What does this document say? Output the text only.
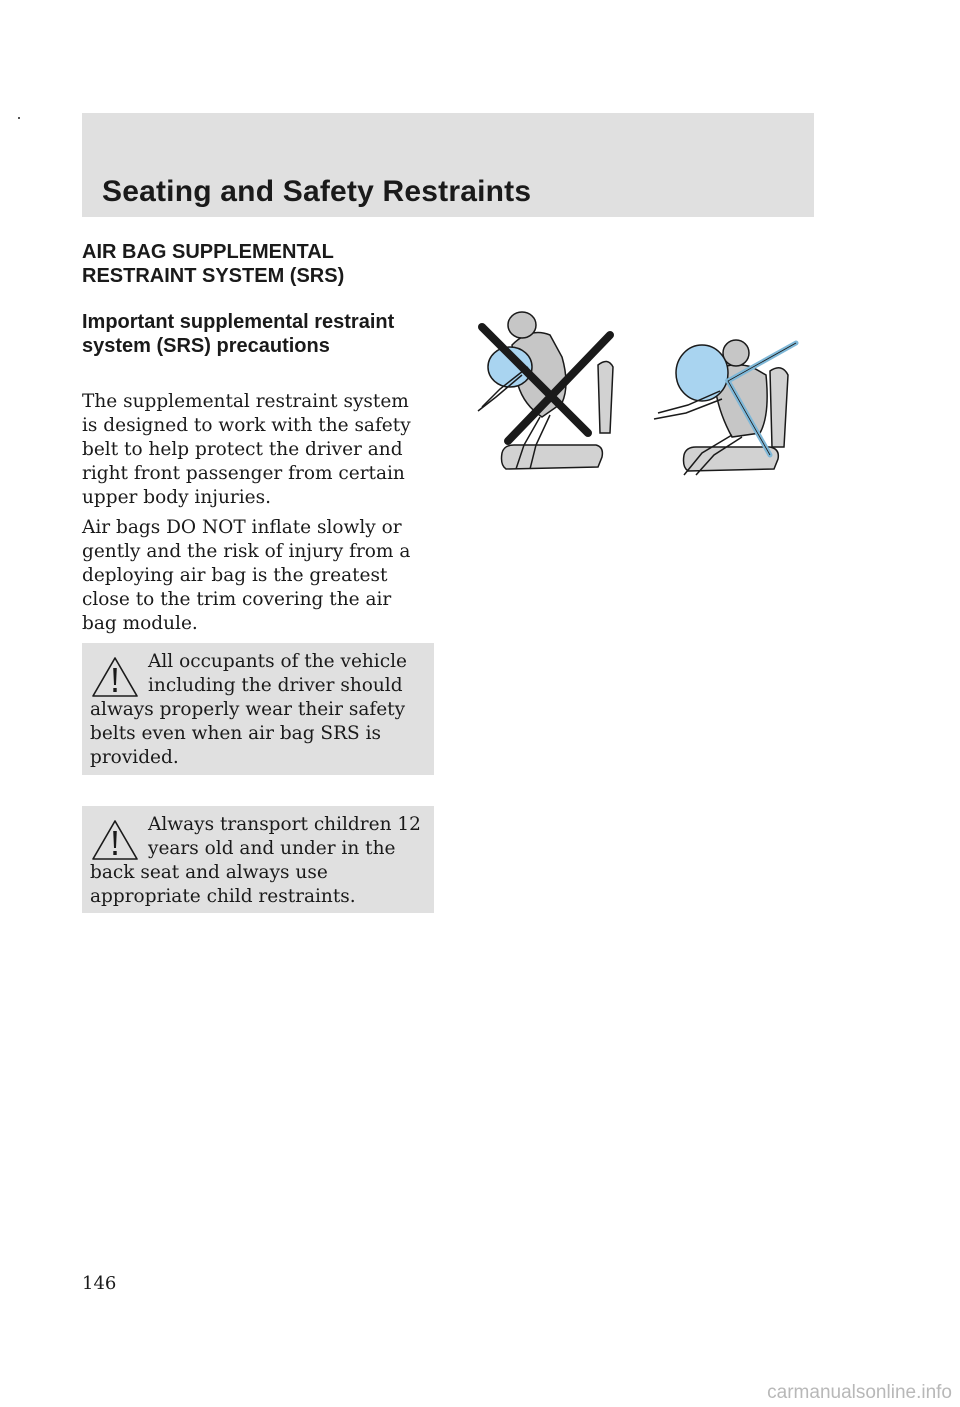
Seating and Safety Restraints
AIR BAG SUPPLEMENTAL RESTRAINT SYSTEM (SRS)
Important supplemental restraint system (SRS) precautions

The supplemental restraint system is designed to work with the safety belt to help protect the driver and right front passenger from certain upper body injuries.

Air bags DO NOT inflate slowly or gently and the risk of injury from a deploying air bag is the greatest close to the trim covering the air bag module.

All occupants of the vehicle including the driver should always properly wear their safety belts even when air bag SRS is provided.
Always transport children 12 years old and under in the back seat and always use appropriate child restraints.
146
carmanualsonline.info
